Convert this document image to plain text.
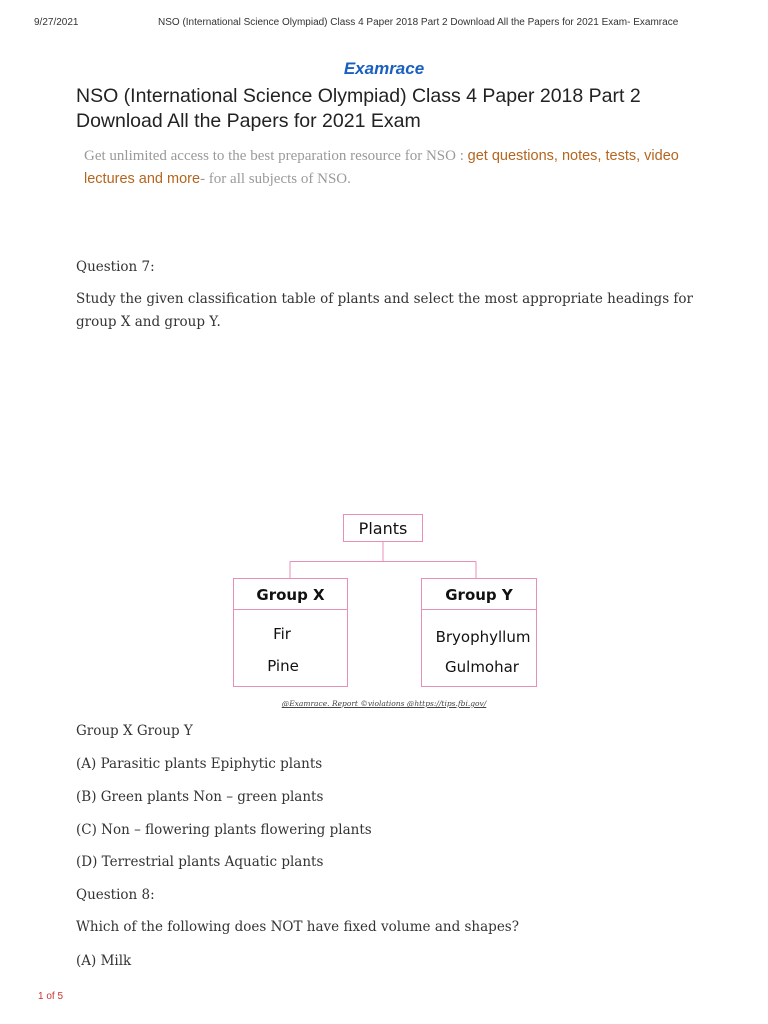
9/27/2021	NSO (International Science Olympiad) Class 4 Paper 2018 Part 2 Download All the Papers for 2021 Exam- Examrace
Examrace
NSO (International Science Olympiad) Class 4 Paper 2018 Part 2 Download All the Papers for 2021 Exam
Get unlimited access to the best preparation resource for NSO : get questions, notes, tests, video lectures and more- for all subjects of NSO.
Question 7:
Study the given classification table of plants and select the most appropriate headings for group X and group Y.
Plants
Group X	Group Y
Fir
Pine
Bryophyllum
Gulmohar
@Examrace. Report ©violations @https://tips.fbi.gov/
Group X Group Y
(A) Parasitic plants Epiphytic plants
(B) Green plants Non – green plants
(C) Non – flowering plants flowering plants
(D) Terrestrial plants Aquatic plants
Question 8:
Which of the following does NOT have fixed volume and shapes?
(A) Milk
1 of 5
